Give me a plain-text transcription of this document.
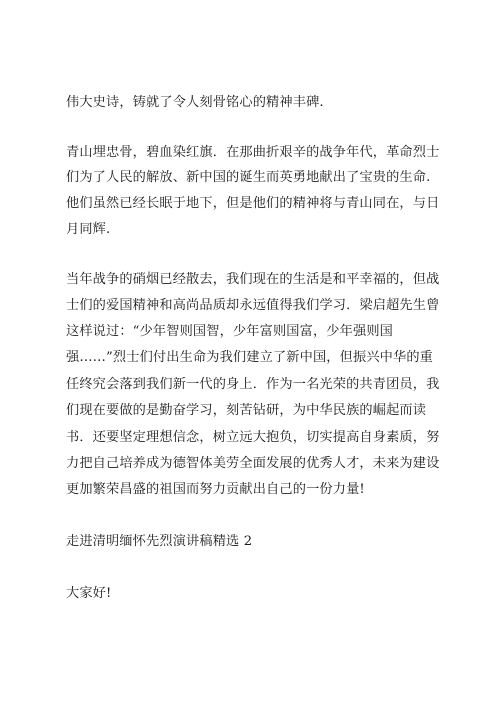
伟大史诗，铸就了令人刻骨铭心的精神丰碑.
青山埋忠骨，碧血染红旗．在那曲折艰辛的战争年代，革命烈士
们为了人民的解放、新中国的诞生而英勇地献出了宝贵的生命.
他们虽然已经长眠于地下，但是他们的精神将与青山同在，与日
月同辉.
当年战争的硝烟已经散去，我们现在的生活是和平幸福的，但战
士们的爱国精神和高尚品质却永远值得我们学习．梁启超先生曾
这样说过：“少年智则国智，少年富则国富，少年强则国
强……”烈士们付出生命为我们建立了新中国，但振兴中华的重
任终究会落到我们新一代的身上．作为一名光荣的共青团员，我
们现在要做的是勤奋学习，刻苦钻研，为中华民族的崛起而读
书．还要坚定理想信念，树立远大抱负，切实提高自身素质，努
力把自己培养成为德智体美劳全面发展的优秀人才，未来为建设
更加繁荣昌盛的祖国而努力贡献出自己的一份力量!
走进清明缅怀先烈演讲稿精选 2
大家好!
